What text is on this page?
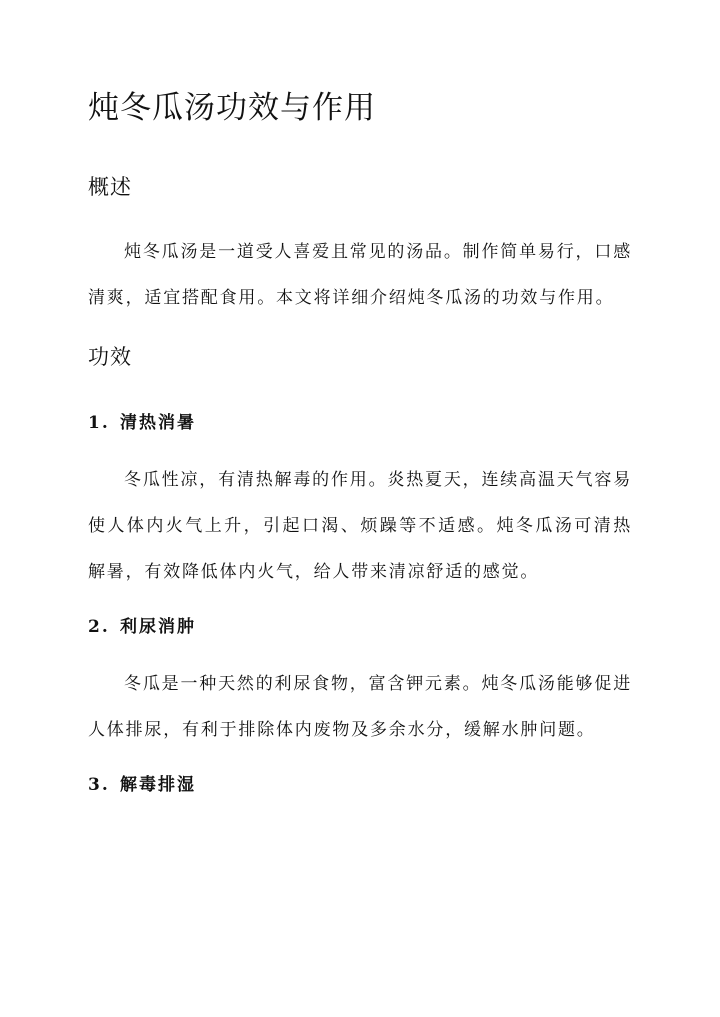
炖冬瓜汤功效与作用
概述

炖冬瓜汤是一道受人喜爱且常见的汤品。制作简单易行，口感清爽，适宜搭配食用。本文将详细介绍炖冬瓜汤的功效与作用。

功效
1. 清热消暑

冬瓜性凉，有清热解毒的作用。炎热夏天，连续高温天气容易使人体内火气上升，引起口渴、烦躁等不适感。炖冬瓜汤可清热解暑，有效降低体内火气，给人带来清凉舒适的感觉。

2. 利尿消肿

冬瓜是一种天然的利尿食物，富含钾元素。炖冬瓜汤能够促进人体排尿，有利于排除体内废物及多余水分，缓解水肿问题。

3. 解毒排湿
